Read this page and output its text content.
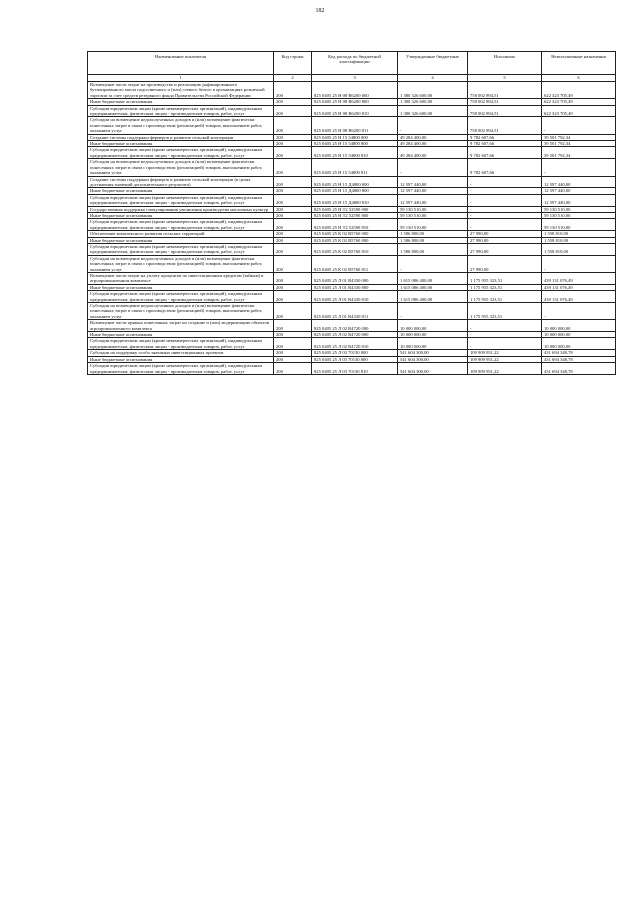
182
Наименование показателя	Код строки	Код расхода по бюджетной классификации	Утвержденные бюджетные	Исполнено	Неисполненные назначения
1	2	3	4	5	6
Возмещение части затрат на производство и реализацию рафинированного бутилированного масла подсолнечного и (или) соевого белого в организациях розничной торговли за счет средств резервного фонда Правительства Российской Федерации	200	825 0405 25 Н 08 R6200 000	1 380 326 600,00	758 002 894,51	622 323 705,49
Иные бюджетные ассигнования	200	825 0405 25 Н 08 R6200 800	1 380 326 600,00	758 002 894,51	622 323 705,49
Субсидии юридическим лицам (кроме некоммерческих организаций), индивидуальным предпринимателям, физическим лицам - производителям товаров, работ, услуг	200	825 0405 25 Н 08 R6200 810	1 380 326 600,00	758 002 894,51	622 323 705,49
Субсидии на возмещение недополученных доходов и (или) возмещение фактически понесенных затрат в связи с производством (реализацией) товаров, выполнением работ, оказанием услуг	200	825 0405 25 Н 08 R6200 811	-	758 002 894,51	-
Создание системы поддержки фермеров и развитие сельской кооперации	200	825 0405 25 Н 15 54800 000	49 284 400,00	9 782 607,66	39 501 792,34
Иные бюджетные ассигнования	200	825 0405 25 Н 15 54800 800	49 284 400,00	9 782 607,66	39 501 792,34
Субсидии юридическим лицам (кроме некоммерческих организаций), индивидуальным предпринимателям, физическим лицам - производителям товаров, работ, услуг	200	825 0405 25 Н 15 54800 810	49 284 400,00	9 782 607,66	39 501 792,34
Субсидии на возмещение недополученных доходов и (или) возмещение фактически понесенных затрат в связи с производством (реализацией) товаров, выполнением работ, оказанием услуг	200	825 0405 25 Н 15 54800 811	-	9 782 607,66	-
Создание системы поддержки фермеров и развитие сельской кооперации (в целях достижения значений дополнительного результата)	200	825 0405 25 Н 15 Д4800 000	12 597 440,00	-	12 597 440,00
Иные бюджетные ассигнования	200	825 0405 25 Н 15 Д4800 800	12 597 440,00	-	12 597 440,00
Субсидии юридическим лицам (кроме некоммерческих организаций), индивидуальным предпринимателям, физическим лицам - производителям товаров, работ, услуг	200	825 0405 25 Н 15 Д4800 810	12 597 440,00	-	12 597 440,00
Государственная поддержка стимулирования увеличения производства масличных культур	200	825 0405 25 Н Т2 52590 000	59 130 510,00	-	59 130 510,00
Иные бюджетные ассигнования	200	825 0405 25 Н Т2 52590 800	59 130 510,00	-	59 130 510,00
Субсидии юридическим лицам (кроме некоммерческих организаций), индивидуальным предпринимателям, физическим лицам - производителям товаров, работ, услуг	200	825 0405 25 Н Т2 52590 810	59 130 510,00	-	59 130 510,00
Обеспечение комплексного развития сельских территорий	200	825 0405 25 К 02 R5760 000	1 586 800,00	27 990,00	1 558 810,00
Иные бюджетные ассигнования	200	825 0405 25 К 02 R5760 800	1 586 800,00	27 990,00	1 558 810,00
Субсидии юридическим лицам (кроме некоммерческих организаций), индивидуальным предпринимателям, физическим лицам - производителям товаров, работ, услуг	200	825 0405 25 К 02 R5760 810	1 586 800,00	27 990,00	1 558 810,00
Субсидии на возмещение недополученных доходов и (или) возмещение фактически понесенных затрат в связи с производством (реализацией) товаров, выполнением работ, оказанием услуг	200	825 0405 25 К 02 R5760 811	-	27 990,00	-
Возмещение части затрат на уплату процентов по инвестиционным кредитам (займам) в агропромышленном комплексе	200	825 0405 25 Л 01 R4330 000	1 615 086 400,00	1 175 955 323,51	439 131 076,49
Иные бюджетные ассигнования	200	825 0405 25 Л 01 R4330 800	1 615 086 400,00	1 175 955 323,51	439 131 076,49
Субсидии юридическим лицам (кроме некоммерческих организаций), индивидуальным предпринимателям, физическим лицам - производителям товаров, работ, услуг	200	825 0405 25 Л 01 R4330 810	1 615 086 400,00	1 175 955 323,51	439 131 076,49
Субсидии на возмещение недополученных доходов и (или) возмещение фактически понесенных затрат в связи с производством (реализацией) товаров, выполнением работ, оказанием услуг	200	825 0405 25 Л 01 R4330 811	-	1 175 955 323,51	-
Возмещение части прямых понесенных затрат на создание и (или) модернизацию объектов агропромышленного комплекса	200	825 0405 25 Л 02 R4720 000	10 000 000,00	-	10 000 000,00
Иные бюджетные ассигнования	200	825 0405 25 Л 02 R4720 800	10 000 000,00	-	10 000 000,00
Субсидии юридическим лицам (кроме некоммерческих организаций), индивидуальным предпринимателям, физическим лицам - производителям товаров, работ, услуг	200	825 0405 25 Л 02 R4720 810	10 000 000,00	-	10 000 000,00
Субсидии на поддержку особо значимых инвестиционных проектов	200	825 0405 25 Л 03 70130 000	541 604 300,00	109 909 951,22	431 694 348,78
Иные бюджетные ассигнования	200	825 0405 25 Л 03 70130 800	541 604 300,00	109 909 951,22	431 694 348,78
Субсидии юридическим лицам (кроме некоммерческих организаций), индивидуальным предпринимателям, физическим лицам - производителям товаров, работ, услуг	200	825 0405 25 Л 03 70130 810	541 604 300,00	109 909 951,22	431 694 348,78
